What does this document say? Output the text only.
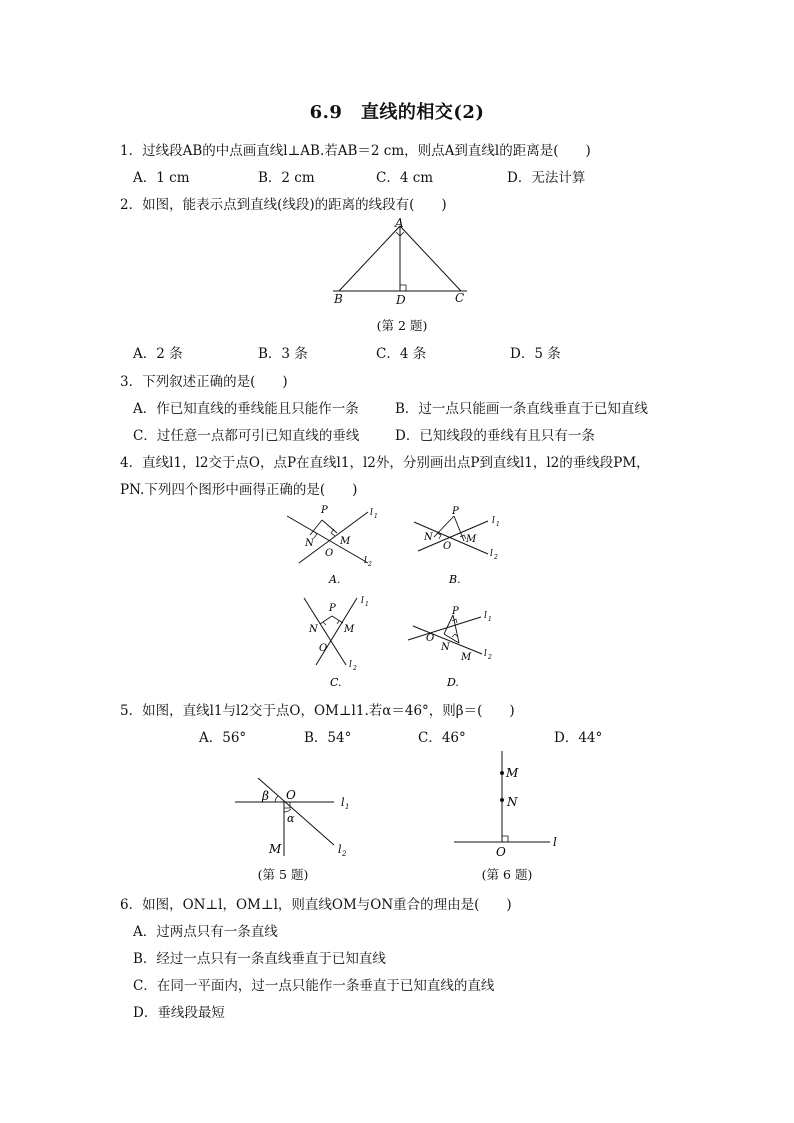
6.9　直线的相交(2)
1．过线段AB的中点画直线l⊥AB.若AB＝2 cm，则点A到直线l的距离是(　　)
A．1 cm	B．2 cm	C．4 cm	D．无法计算
2．如图，能表示点到直线(线段)的距离的线段有(　　)
A
B	D	C
(第 2 题)
A．2 条	B．3 条	C．4 条	D．5 条
3．下列叙述正确的是(　　)
A．作已知直线的垂线能且只能作一条	B．过一点只能画一条直线垂直于已知直线
C．过任意一点都可引已知直线的垂线	D．已知线段的垂线有且只有一条
4．直线l1，l2交于点O，点P在直线l1，l2外，分别画出点P到直线l1，l2的垂线段PM，
PN.下列四个图形中画得正确的是(　　)
P
N	M
O
l 1
l 2
A.
P
N	M
O
l 1
l 2
B.
P
N	M
O
l 1
l 2
C.
P
O
N
M
l 1
l 2
D.
5．如图，直线l1与l2交于点O，OM⊥l1.若α＝46°，则β＝(　　)
A．56°	B．54°	C．46°	D．44°
β O
α
M
l 1
l 2
(第 5 题)
M
N
O
l
(第 6 题)
6．如图，ON⊥l，OM⊥l，则直线OM与ON重合的理由是(　　)
A．过两点只有一条直线
B．经过一点只有一条直线垂直于已知直线
C．在同一平面内，过一点只能作一条垂直于已知直线的直线
D．垂线段最短
